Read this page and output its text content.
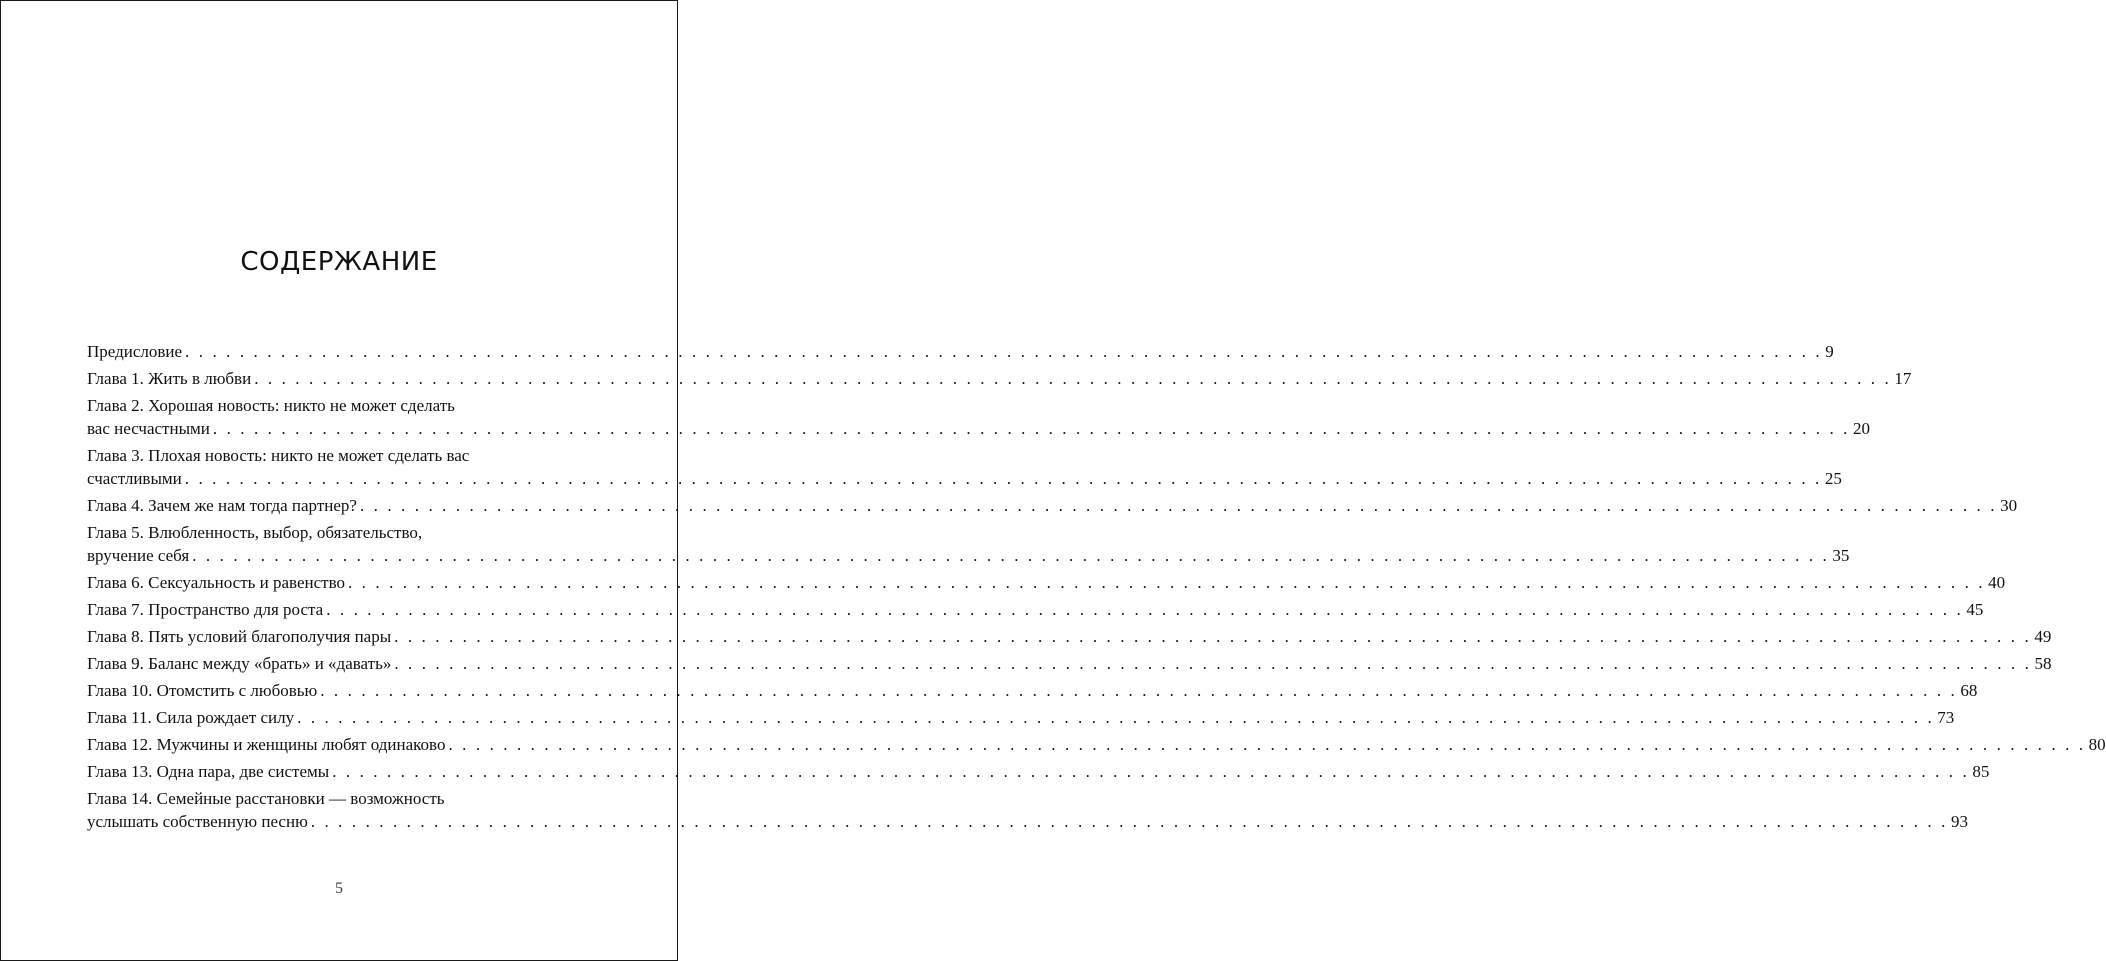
СОДЕРЖАНИЕ
Предисловие . . . . . . . . . . . . . . . . . . . . . . . . . . . . . . . . . . . . . . . . . . . . . . . . . . . . . . . . . . . . . . . . . . . . . . . . . . . . . . . . . . . . . . . . . . . . . . . . . . . . . . . . . . . . . . . . . . . . . . . . 9
Глава 1. Жить в любви . . . . . . . . . . . . . . . . . . . . . . . . . . . . . . . . . . . . . . . . . . . . . . . . . . . . . . . . . . . . . . . . . . . . . . . . . . . . . . . . . . . . . . . . . . . . . . . . . . . . . . . . . . . . . . . . . . . . . . . . 17
Глава 2. Хорошая новость: никто не может сделать
вас несчастными . . . . . . . . . . . . . . . . . . . . . . . . . . . . . . . . . . . . . . . . . . . . . . . . . . . . . . . . . . . . . . . . . . . . . . . . . . . . . . . . . . . . . . . . . . . . . . . . . . . . . . . . . . . . . . . . . . . . . . . . 20
Глава 3. Плохая новость: никто не может сделать вас
счастливыми . . . . . . . . . . . . . . . . . . . . . . . . . . . . . . . . . . . . . . . . . . . . . . . . . . . . . . . . . . . . . . . . . . . . . . . . . . . . . . . . . . . . . . . . . . . . . . . . . . . . . . . . . . . . . . . . . . . . . . . . 25
Глава 4. Зачем же нам тогда партнер? . . . . . . . . . . . . . . . . . . . . . . . . . . . . . . . . . . . . . . . . . . . . . . . . . . . . . . . . . . . . . . . . . . . . . . . . . . . . . . . . . . . . . . . . . . . . . . . . . . . . . . . . . . . . . . . . . . . . . . . . 30
Глава 5. Влюбленность, выбор, обязательство,
вручение себя . . . . . . . . . . . . . . . . . . . . . . . . . . . . . . . . . . . . . . . . . . . . . . . . . . . . . . . . . . . . . . . . . . . . . . . . . . . . . . . . . . . . . . . . . . . . . . . . . . . . . . . . . . . . . . . . . . . . . . . . 35
Глава 6. Сексуальность и равенство . . . . . . . . . . . . . . . . . . . . . . . . . . . . . . . . . . . . . . . . . . . . . . . . . . . . . . . . . . . . . . . . . . . . . . . . . . . . . . . . . . . . . . . . . . . . . . . . . . . . . . . . . . . . . . . . . . . . . . . . 40
Глава 7. Пространство для роста . . . . . . . . . . . . . . . . . . . . . . . . . . . . . . . . . . . . . . . . . . . . . . . . . . . . . . . . . . . . . . . . . . . . . . . . . . . . . . . . . . . . . . . . . . . . . . . . . . . . . . . . . . . . . . . . . . . . . . . . 45
Глава 8. Пять условий благополучия пары . . . . . . . . . . . . . . . . . . . . . . . . . . . . . . . . . . . . . . . . . . . . . . . . . . . . . . . . . . . . . . . . . . . . . . . . . . . . . . . . . . . . . . . . . . . . . . . . . . . . . . . . . . . . . . . . . . . . . . . . 49
Глава 9. Баланс между «брать» и «давать» . . . . . . . . . . . . . . . . . . . . . . . . . . . . . . . . . . . . . . . . . . . . . . . . . . . . . . . . . . . . . . . . . . . . . . . . . . . . . . . . . . . . . . . . . . . . . . . . . . . . . . . . . . . . . . . . . . . . . . . . 58
Глава 10. Отомстить с любовью . . . . . . . . . . . . . . . . . . . . . . . . . . . . . . . . . . . . . . . . . . . . . . . . . . . . . . . . . . . . . . . . . . . . . . . . . . . . . . . . . . . . . . . . . . . . . . . . . . . . . . . . . . . . . . . . . . . . . . . . 68
Глава 11. Сила рождает силу . . . . . . . . . . . . . . . . . . . . . . . . . . . . . . . . . . . . . . . . . . . . . . . . . . . . . . . . . . . . . . . . . . . . . . . . . . . . . . . . . . . . . . . . . . . . . . . . . . . . . . . . . . . . . . . . . . . . . . . . 73
Глава 12. Мужчины и женщины любят одинаково . . . . . . . . . . . . . . . . . . . . . . . . . . . . . . . . . . . . . . . . . . . . . . . . . . . . . . . . . . . . . . . . . . . . . . . . . . . . . . . . . . . . . . . . . . . . . . . . . . . . . . . . . . . . . . . . . . . . . . . . 80
Глава 13. Одна пара, две системы . . . . . . . . . . . . . . . . . . . . . . . . . . . . . . . . . . . . . . . . . . . . . . . . . . . . . . . . . . . . . . . . . . . . . . . . . . . . . . . . . . . . . . . . . . . . . . . . . . . . . . . . . . . . . . . . . . . . . . . . 85
Глава 14. Семейные расстановки — возможность
услышать собственную песню . . . . . . . . . . . . . . . . . . . . . . . . . . . . . . . . . . . . . . . . . . . . . . . . . . . . . . . . . . . . . . . . . . . . . . . . . . . . . . . . . . . . . . . . . . . . . . . . . . . . . . . . . . . . . . . . . . . . . . . . 93
5
